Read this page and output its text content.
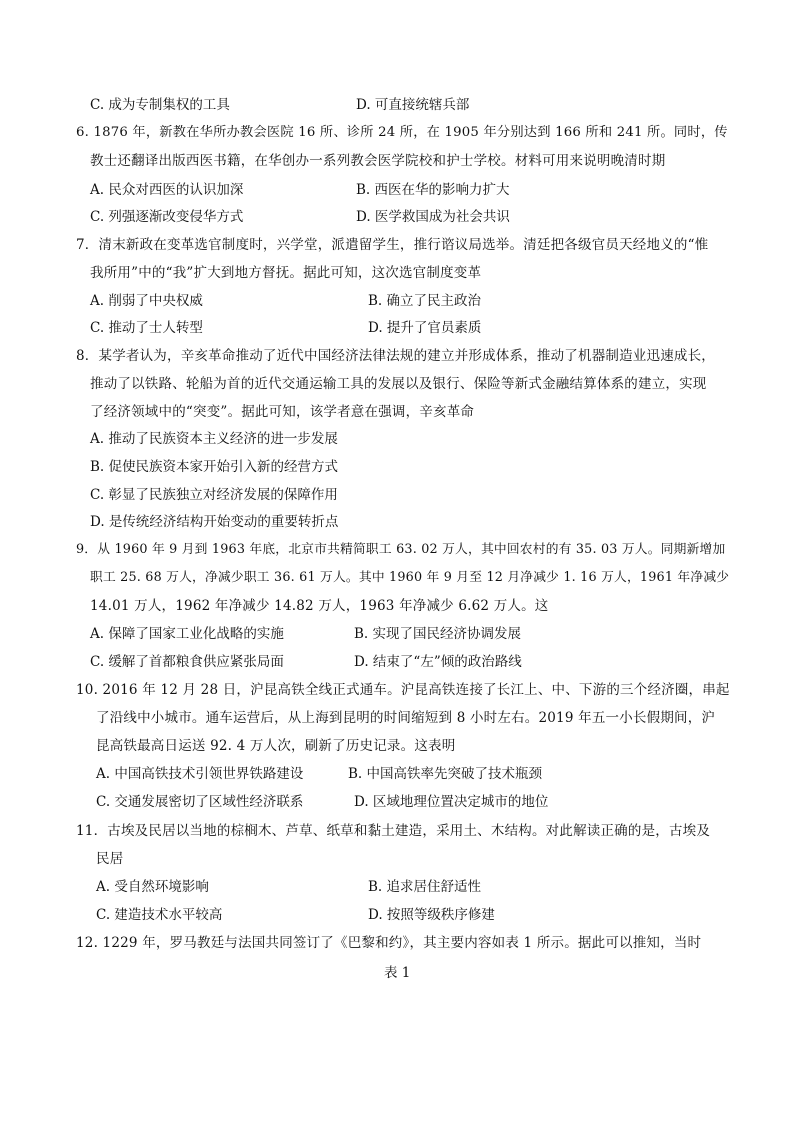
C. 成为专制集权的工具	D. 可直接统辖兵部
6. 1876 年，新教在华所办教会医院 16 所、诊所 24 所，在 1905 年分别达到 166 所和 241 所。同时，传
教士还翻译出版西医书籍，在华创办一系列教会医学院校和护士学校。材料可用来说明晚清时期
A. 民众对西医的认识加深	B. 西医在华的影响力扩大
C. 列强逐渐改变侵华方式	D. 医学救国成为社会共识
7．清末新政在变革选官制度时，兴学堂，派遣留学生，推行谘议局选举。清廷把各级官员天经地义的“惟
我所用”中的“我”扩大到地方督抚。据此可知，这次选官制度变革
A. 削弱了中央权威	B. 确立了民主政治
C. 推动了士人转型	D. 提升了官员素质
8．某学者认为，辛亥革命推动了近代中国经济法律法规的建立并形成体系，推动了机器制造业迅速成长，
推动了以铁路、轮船为首的近代交通运输工具的发展以及银行、保险等新式金融结算体系的建立，实现
了经济领域中的“突变”。据此可知，该学者意在强调，辛亥革命
A. 推动了民族资本主义经济的进一步发展
B. 促使民族资本家开始引入新的经营方式
C. 彰显了民族独立对经济发展的保障作用
D. 是传统经济结构开始变动的重要转折点
9．从 1960 年 9 月到 1963 年底，北京市共精简职工 63. 02 万人，其中回农村的有 35. 03 万人。同期新增加
职工 25. 68 万人，净减少职工 36. 61 万人。其中 1960 年 9 月至 12 月净减少 1. 16 万人，1961 年净减少
14.01 万人，1962 年净减少 14.82 万人，1963 年净减少 6.62 万人。这
A. 保障了国家工业化战略的实施	B. 实现了国民经济协调发展
C. 缓解了首都粮食供应紧张局面	D. 结束了“左”倾的政治路线
10. 2016 年 12 月 28 日，沪昆高铁全线正式通车。沪昆高铁连接了长江上、中、下游的三个经济圈，串起
了沿线中小城市。通车运营后，从上海到昆明的时间缩短到 8 小时左右。2019 年五一小长假期间，沪
昆高铁最高日运送 92. 4 万人次，刷新了历史记录。这表明
A. 中国高铁技术引领世界铁路建设	B. 中国高铁率先突破了技术瓶颈
C. 交通发展密切了区域性经济联系	D. 区域地理位置决定城市的地位
11．古埃及民居以当地的棕榈木、芦草、纸草和黏土建造，采用土、木结构。对此解读正确的是，古埃及
民居
A. 受自然环境影响	B. 追求居住舒适性
C. 建造技术水平较高	D. 按照等级秩序修建
12. 1229 年，罗马教廷与法国共同签订了《巴黎和约》，其主要内容如表 1 所示。据此可以推知，当时
表 1
